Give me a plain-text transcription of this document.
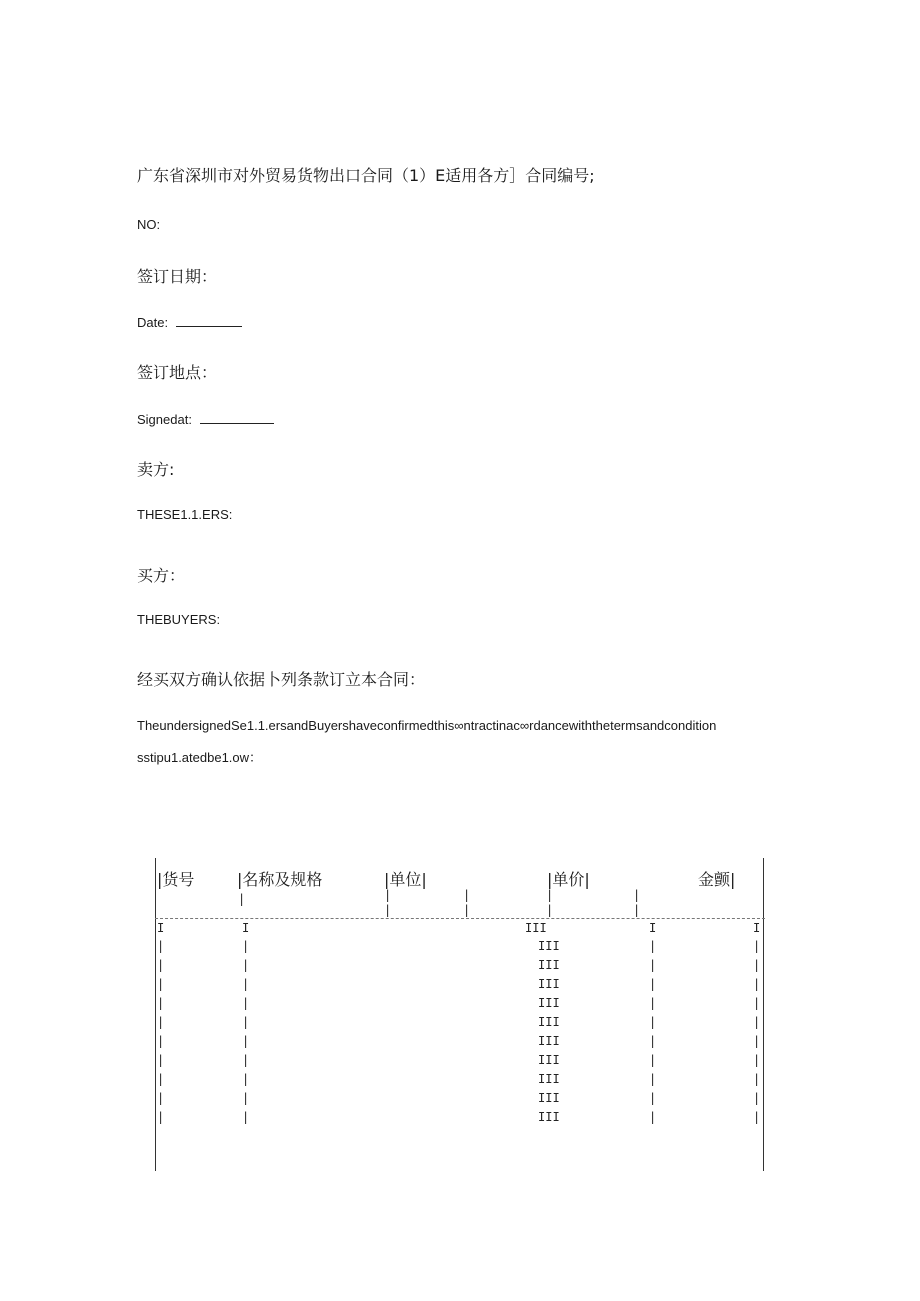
广东省深圳市对外贸易货物出口合同（1）E适用各方］合同编号;

NO:

签订日期：

Date:

签订地点：

Signedat:

卖方:

THESE1.1.ERS:

买方：

THEBUYERS:

经买双方确认依据卜列条款订立本合同：

TheundersignedSe1.1.ersandBuyershaveconfirmedthis∞ntractinac∞rdancewiththetermsandcondition

sstipu1.atedbe1.ow：

|货号	|名称及规格	|单位|	|单价|	金颤|
|	|
|
|
|
|
|
|
|
I	I	III	I	I
|	|	III	|	|
|	|	III	|	|
|	|	III	|	|
|	|	III	|	|
|	|	III	|	|
|	|	III	|	|
|	|	III	|	|
|	|	III	|	|
|	|	III	|	|
|	|	III	|	|
